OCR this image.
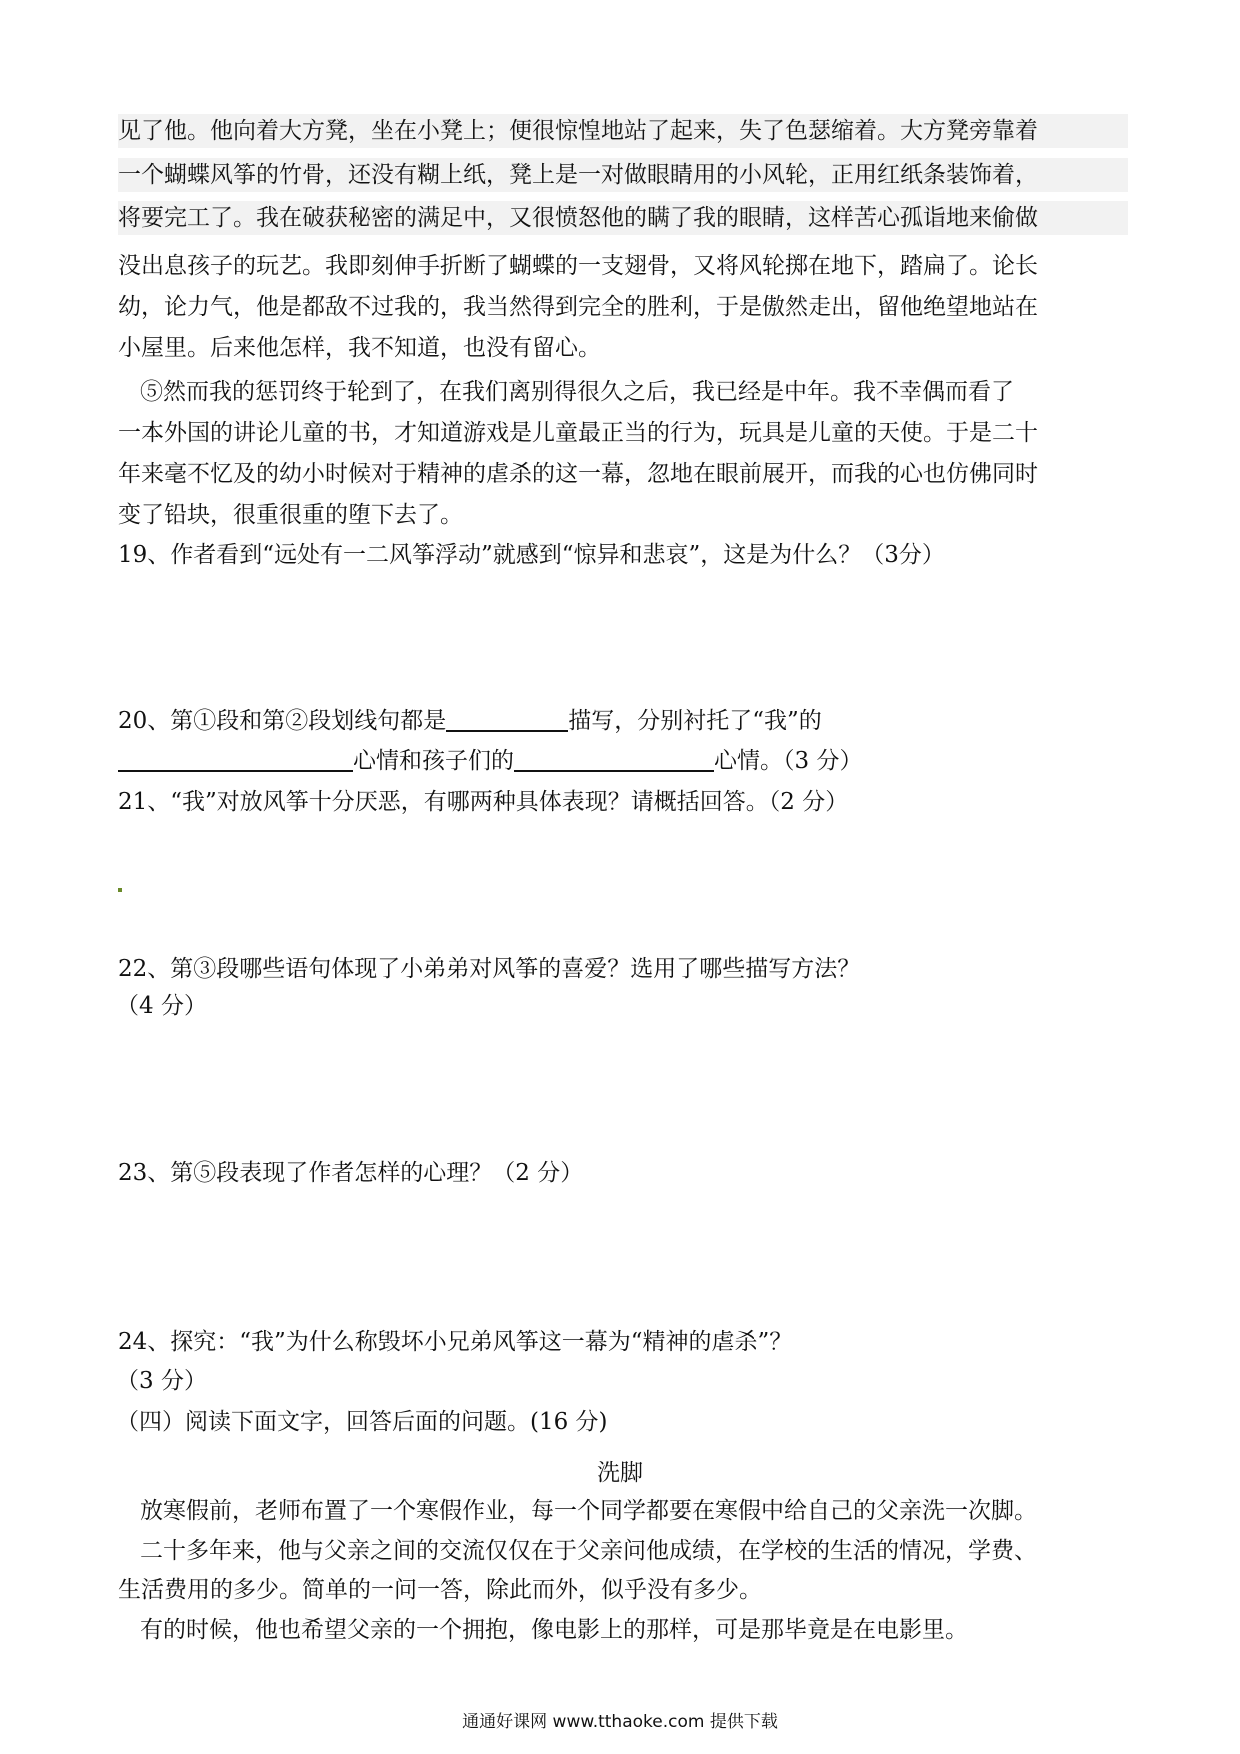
见了他。他向着大方凳，坐在小凳上；便很惊惶地站了起来，失了色瑟缩着。大方凳旁靠着
一个蝴蝶风筝的竹骨，还没有糊上纸，凳上是一对做眼睛用的小风轮，正用红纸条装饰着，
将要完工了。我在破获秘密的满足中，又很愤怒他的瞒了我的眼睛，这样苦心孤诣地来偷做
没出息孩子的玩艺。我即刻伸手折断了蝴蝶的一支翅骨，又将风轮掷在地下，踏扁了。论长
幼，论力气，他是都敌不过我的，我当然得到完全的胜利，于是傲然走出，留他绝望地站在
小屋里。后来他怎样，我不知道，也没有留心。
⑤然而我的惩罚终于轮到了，在我们离别得很久之后，我已经是中年。我不幸偶而看了
一本外国的讲论儿童的书，才知道游戏是儿童最正当的行为，玩具是儿童的天使。于是二十
年来毫不忆及的幼小时候对于精神的虐杀的这一幕，忽地在眼前展开，而我的心也仿佛同时
变了铅块，很重很重的堕下去了。
19、作者看到“远处有一二风筝浮动”就感到“惊异和悲哀”，这是为什么？（3分）
20、第①段和第②段划线句都是	描写，分别衬托了“我”的
心情和孩子们的	心情。（3 分）
21、“我”对放风筝十分厌恶，有哪两种具体表现？请概括回答。（2 分）
22、第③段哪些语句体现了小弟弟对风筝的喜爱？选用了哪些描写方法？
（4 分）
23、第⑤段表现了作者怎样的心理？（2 分）
24、探究：“我”为什么称毁坏小兄弟风筝这一幕为“精神的虐杀”？
（3 分）
（四）阅读下面文字，回答后面的问题。(16 分)
洗脚
放寒假前，老师布置了一个寒假作业，每一个同学都要在寒假中给自己的父亲洗一次脚。
二十多年来，他与父亲之间的交流仅仅在于父亲问他成绩，在学校的生活的情况，学费、
生活费用的多少。简单的一问一答，除此而外，似乎没有多少。
有的时候，他也希望父亲的一个拥抱，像电影上的那样，可是那毕竟是在电影里。
通通好课网 www.tthaoke.com 提供下载
